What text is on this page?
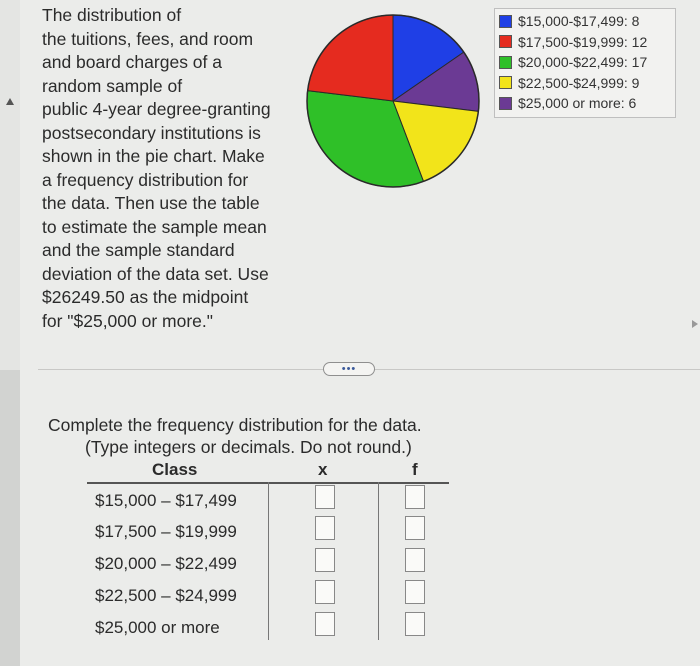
The distribution of
the tuitions, fees, and room
and board charges of a
random sample of
public 4-year degree-granting
postsecondary institutions is
shown in the pie chart. Make
a frequency distribution for
the data. Then use the table
to estimate the sample mean
and the sample standard
deviation of the data set. Use
$26249.50 as the midpoint
for "$25,000 or more."
$15,000-$17,499: 8
$17,500-$19,999: 12
$20,000-$22,499: 17
$22,500-$24,999: 9
$25,000 or more: 6
•••
Complete the frequency distribution for the data.
(Type integers or decimals. Do not round.)
Class	x	f
$15,000 – $17,499
$17,500 – $19,999
$20,000 – $22,499
$22,500 – $24,999
$25,000 or more
